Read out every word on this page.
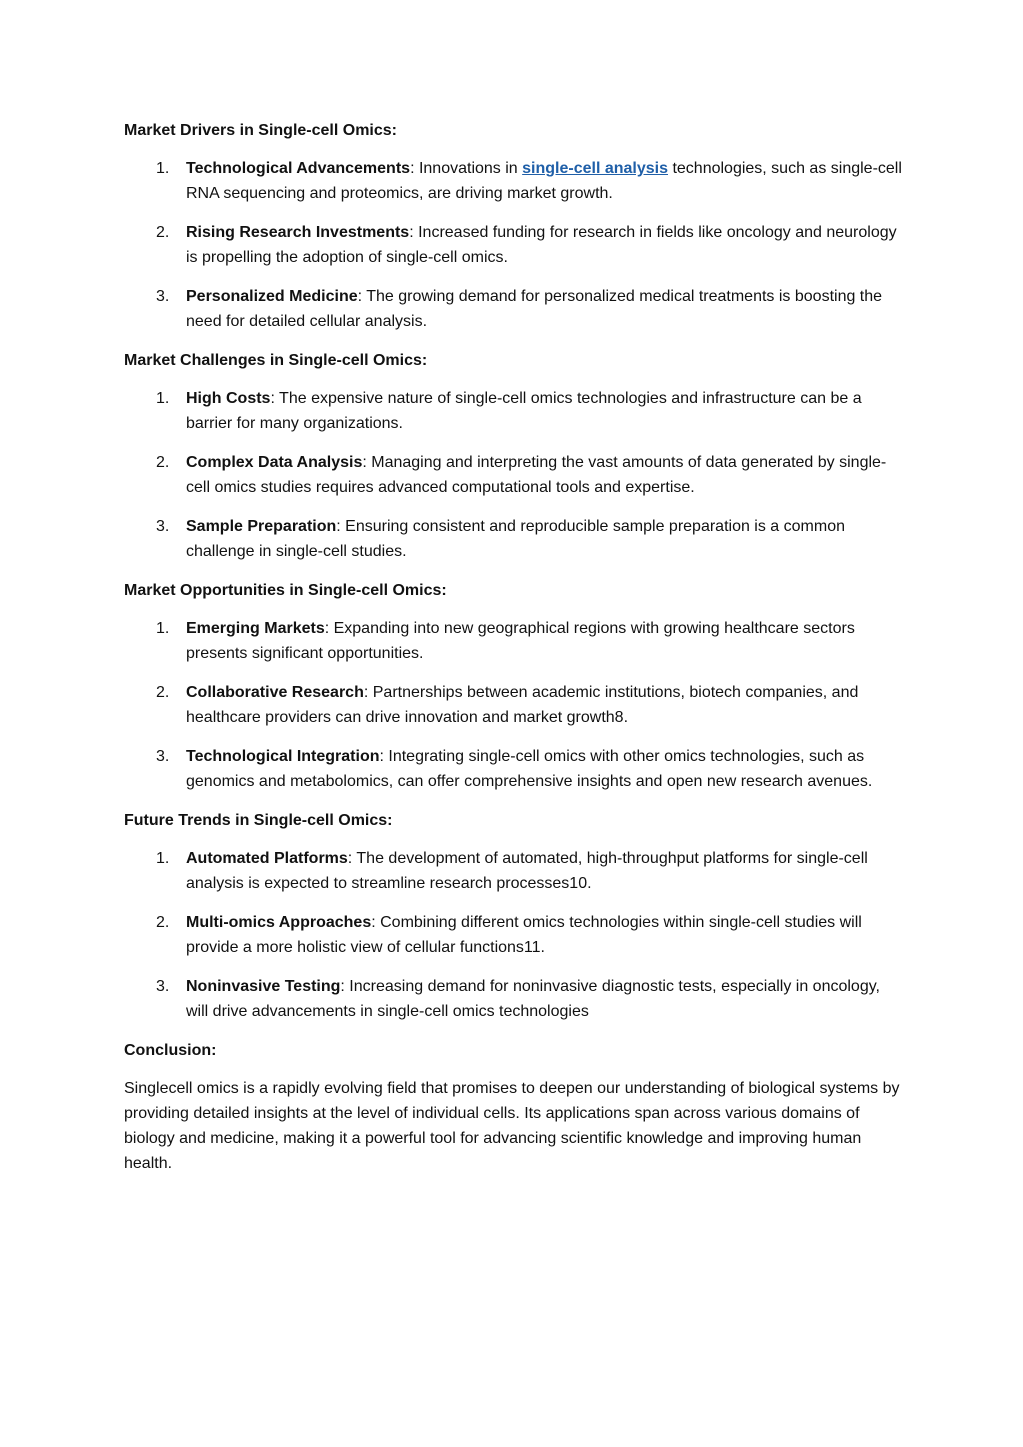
Market Drivers in Single-cell Omics:
1. Technological Advancements: Innovations in single-cell analysis technologies, such as single-cell RNA sequencing and proteomics, are driving market growth.
2. Rising Research Investments: Increased funding for research in fields like oncology and neurology is propelling the adoption of single-cell omics.
3. Personalized Medicine: The growing demand for personalized medical treatments is boosting the need for detailed cellular analysis.
Market Challenges in Single-cell Omics:
1. High Costs: The expensive nature of single-cell omics technologies and infrastructure can be a barrier for many organizations.
2. Complex Data Analysis: Managing and interpreting the vast amounts of data generated by single-cell omics studies requires advanced computational tools and expertise.
3. Sample Preparation: Ensuring consistent and reproducible sample preparation is a common challenge in single-cell studies.
Market Opportunities in Single-cell Omics:
1. Emerging Markets: Expanding into new geographical regions with growing healthcare sectors presents significant opportunities.
2. Collaborative Research: Partnerships between academic institutions, biotech companies, and healthcare providers can drive innovation and market growth8.
3. Technological Integration: Integrating single-cell omics with other omics technologies, such as genomics and metabolomics, can offer comprehensive insights and open new research avenues.
Future Trends in Single-cell Omics:
1. Automated Platforms: The development of automated, high-throughput platforms for single-cell analysis is expected to streamline research processes10.
2. Multi-omics Approaches: Combining different omics technologies within single-cell studies will provide a more holistic view of cellular functions11.
3. Noninvasive Testing: Increasing demand for noninvasive diagnostic tests, especially in oncology, will drive advancements in single-cell omics technologies
Conclusion:

Singlecell omics is a rapidly evolving field that promises to deepen our understanding of biological systems by providing detailed insights at the level of individual cells. Its applications span across various domains of biology and medicine, making it a powerful tool for advancing scientific knowledge and improving human health.
